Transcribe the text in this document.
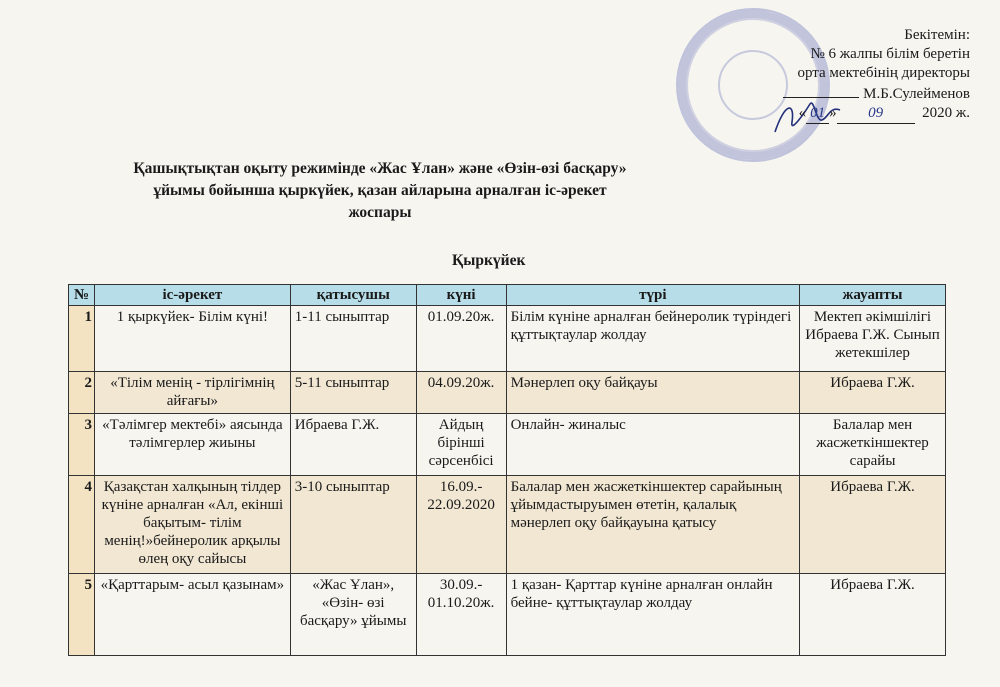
Бекітемін:
№ 6 жалпы білім беретін
орта мектебінің директоры
М.Б.Сулейменов
« 01 » 09	2020 ж.
Қашықтықтан оқыту режимінде «Жас Ұлан» және «Өзін-өзі басқару»
ұйымы бойынша қыркүйек, қазан айларына арналған іс-әрекет
жоспары
Қыркүйек
№	іс-әрекет	қатысушы	күні	түрі	жауапты
1	1 қыркүйек- Білім күні!	1-11 сыныптар	01.09.20ж.	Білім күніне арналған бейнеролик түріндегі құттықтаулар жолдау	Мектеп әкімшілігі Ибраева Г.Ж. Сынып жетекшілер
2	«Тілім менің - тірлігімнің айғағы»	5-11 сыныптар	04.09.20ж.	Мәнерлеп оқу байқауы	Ибраева Г.Ж.
3	«Тәлімгер мектебі» аясында тәлімгерлер жиыны	Ибраева Г.Ж.	Айдың бірінші сәрсенбісі	Онлайн- жиналыс	Балалар мен жасжеткіншектер сарайы
4	Қазақстан халқының тілдер күніне арналған «Ал, екінші бақытым- тілім менің!»бейнеролик арқылы өлең оқу сайысы	3-10 сыныптар	16.09.- 22.09.2020	Балалар мен жасжеткіншектер сарайының ұйымдастыруымен өтетін, қалалық мәнерлеп оқу байқауына қатысу	Ибраева Г.Ж.
5	«Қарттарым- асыл қазынам»	«Жас Ұлан», «Өзін- өзі басқару» ұйымы	30.09.- 01.10.20ж.	1 қазан- Қарттар күніне арналған онлайн бейне- құттықтаулар жолдау	Ибраева Г.Ж.
